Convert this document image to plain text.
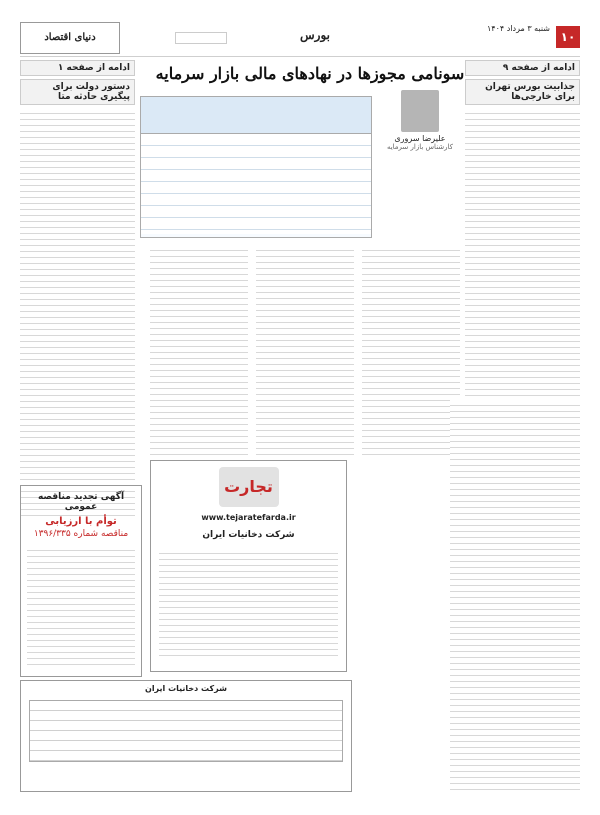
۱۰
شنبه ۳ مرداد ۱۴۰۴
بورس
دنیای اقتصاد
ادامه از صفحه ۹
جذابیت بورس تهران برای خارجی‌ها
سونامی مجوزها در نهادهای مالی بازار سرمایه
علیرضا سروری
کارشناس بازار سرمایه
ادامه از صفحه ۱
دستور دولت برای پیگیری حادثه متا
تجارت
www.tejaratefarda.ir
شرکت دخانیات ایران
آگهی تجدید مناقصه عمومی
توأم با ارزیابی
مناقصه شماره ۱۳۹۶/۳۳۵
شرکت دخانیات ایران
